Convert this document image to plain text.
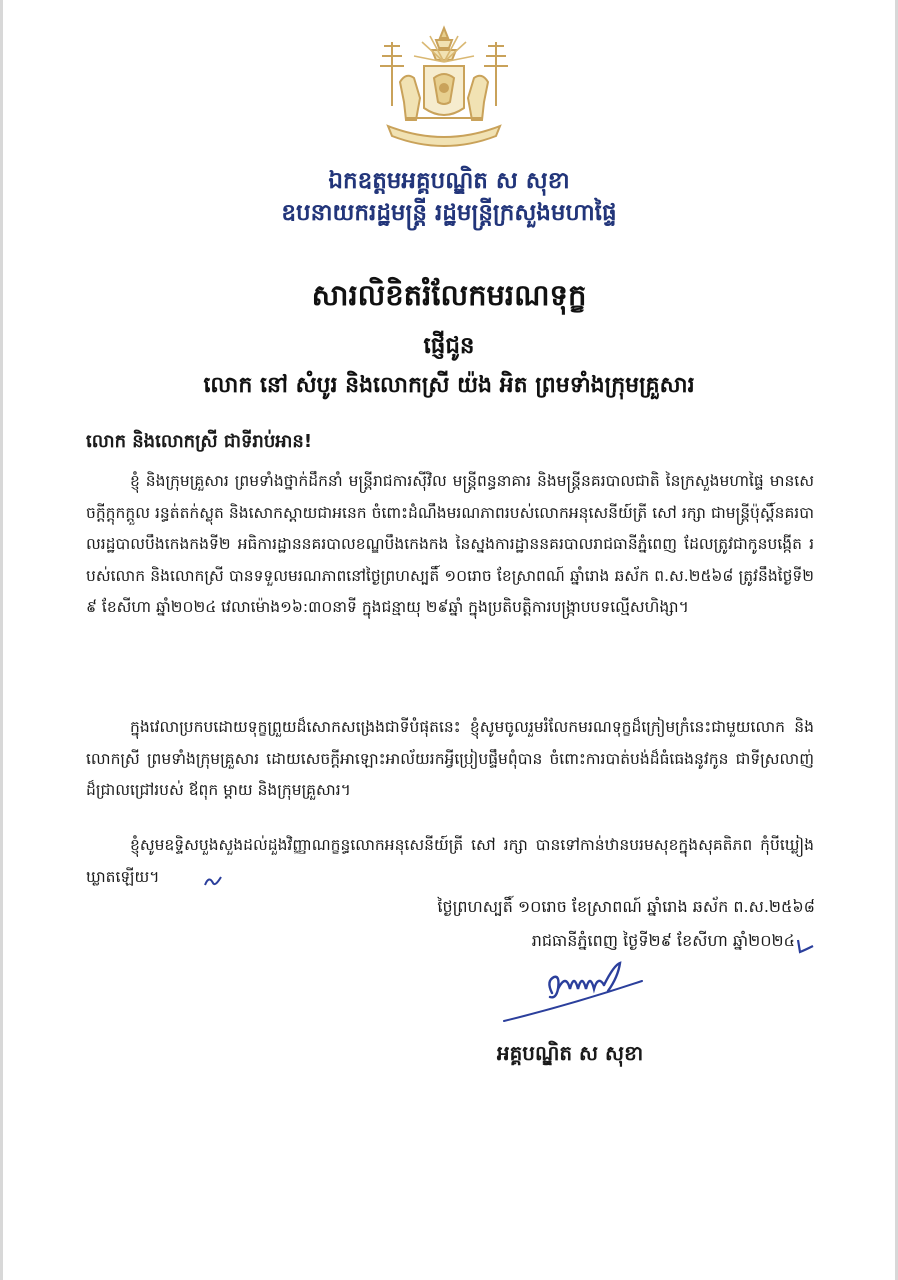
ឯកឧត្តមអគ្គបណ្ឌិត ស សុខា
ឧបនាយករដ្ឋមន្ត្រី រដ្ឋមន្ត្រីក្រសួងមហាផ្ទៃ
សារលិខិតរំលែកមរណទុក្ខ
ផ្ញើជូន
លោក នៅ សំបូរ និងលោកស្រី យ៉ង អិត ព្រមទាំងក្រុមគ្រួសារ
លោក និងលោកស្រី ជាទីរាប់អាន!
ខ្ញុំ និងក្រុមគ្រួសារ ព្រមទាំងថ្នាក់ដឹកនាំ មន្ត្រីរាជការស៊ីវិល មន្ត្រីពន្ធនាគារ និងមន្ត្រីនគរបាលជាតិ នៃក្រសួងមហាផ្ទៃ មានសេចក្ដីក្ដុកក្ដួល រន្ធត់តក់ស្លុត និងសោកស្ដាយជាអនេក ចំពោះដំណឹងមរណភាពរបស់លោកអនុសេនីយ៍ត្រី សៅ រក្សា ជាមន្ត្រីប៉ុស្ដិ៍នគរបាលរដ្ឋបាលបឹងកេងកងទី២ អធិការដ្ឋាននគរបាលខណ្ឌបឹងកេងកង នៃស្នងការដ្ឋាននគរបាលរាជធានីភ្នំពេញ ដែលត្រូវជាកូនបង្កើត របស់លោក និងលោកស្រី បានទទួលមរណភាពនៅថ្ងៃព្រហស្បតិ៍ ១០រោច ខែស្រាពណ៍ ឆ្នាំរោង ឆស័ក ព.ស.២៥៦៨ ត្រូវនឹងថ្ងៃទី២៩ ខែសីហា ឆ្នាំ២០២៤ វេលាម៉ោង១៦:៣០នាទី ក្នុងជន្មាយុ ២៩ឆ្នាំ ក្នុងប្រតិបត្តិការបង្ក្រាបបទល្មើសហិង្សា។
ក្នុងវេលាប្រកបដោយទុក្ខព្រួយដ៏សោកសង្រេងជាទីបំផុតនេះ ខ្ញុំសូមចូលរួមរំលែកមរណទុក្ខដ៏ក្រៀមក្រំនេះជាមួយលោក និងលោកស្រី ព្រមទាំងក្រុមគ្រួសារ ដោយសេចក្ដីអាឡោះអាល័យរកអ្វីប្រៀបផ្ទឹមពុំបាន ចំពោះការបាត់បង់ដ៏ធំធេងនូវកូន ជាទីស្រលាញ់ដ៏ជ្រាលជ្រៅរបស់ ឪពុក ម្ដាយ និងក្រុមគ្រួសារ។
ខ្ញុំសូមឧទ្ទិសបួងសួងដល់ដួងវិញ្ញាណក្ខន្ធលោកអនុសេនីយ៍ត្រី សៅ រក្សា បានទៅកាន់ឋានបរមសុខក្នុងសុគតិភព កុំបីឃ្លៀងឃ្លាតឡើយ។
ថ្ងៃព្រហស្បតិ៍ ១០រោច ខែស្រាពណ៍ ឆ្នាំរោង ឆស័ក ព.ស.២៥៦៨
រាជធានីភ្នំពេញ ថ្ងៃទី២៩ ខែសីហា ឆ្នាំ២០២៤
អគ្គបណ្ឌិត ស សុខា
